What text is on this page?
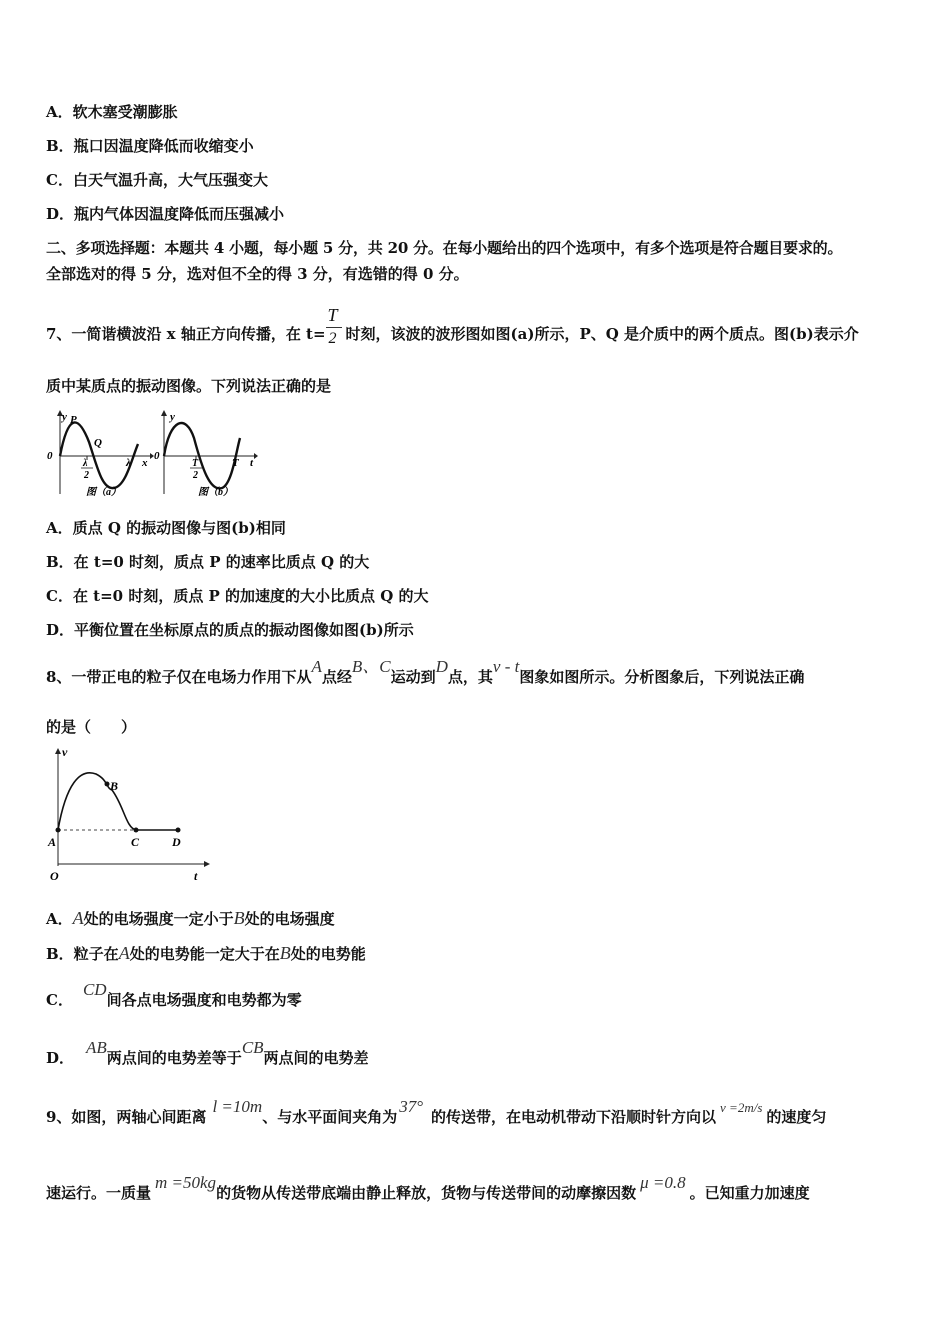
A．软木塞受潮膨胀
B．瓶口因温度降低而收缩变小
C．白天气温升高，大气压强变大
D．瓶内气体因温度降低而压强减小
二、多项选择题：本题共 4 小题，每小题 5 分，共 20 分。在每小题给出的四个选项中，有多个选项是符合题目要求的。
全部选对的得 5 分，选对但不全的得 3 分，有选错的得 0 分。
7、一简谐横波沿 x 轴正方向传播，在 $t= \frac{T}{2}$ 时刻，该波的波形图如图(a)所示，P、Q 是介质中的两个质点。图(b)表示介
质中某质点的振动图像。下列说法正确的是
y P
Q
0
λ
2
λ x
图（a）
y
0
T
2
T t
图（b）
A．质点 Q 的振动图像与图(b)相同
B．在 t=0 时刻，质点 P 的速率比质点 Q 的大
C．在 t=0 时刻，质点 P 的加速度的大小比质点 Q 的大
D．平衡位置在坐标原点的质点的振动图像如图(b)所示
8、一带正电的粒子仅在电场力作用下从A点经B、C运动到D点，其v - t图象如图所示。分析图象后，下列说法正确
的是（　　）
v
A
B
C	D
O	t
A．A处的电场强度一定小于B处的电场强度
B．粒子在A处的电势能一定大于在B处的电势能
C．CD间各点电场强度和电势都为零
D．AB两点间的电势差等于CB两点间的电势差
9、如图，两轴心间距离l =10m、与水平面间夹角为37°的传送带，在电动机带动下沿顺时针方向以v =2m/s的速度匀
速运行。一质量m =50kg的货物从传送带底端由静止释放，货物与传送带间的动摩擦因数μ =0.8。已知重力加速度
